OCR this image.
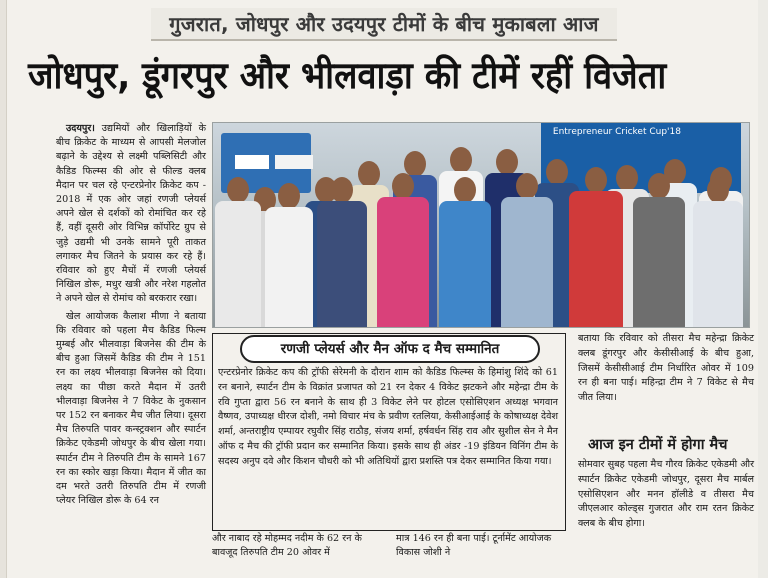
गुजरात, जोधपुर और उदयपुर टीमों के बीच मुकाबला आज
जोधपुर, डूंगरपुर और भीलवाड़ा की टीमें रहीं विजेता

उदयपुर। उद्यमियों और खिलाड़ियों के बीच क्रिकेट के माध्यम से आपसी मेलजोल बढ़ाने के उद्देश्य से लक्ष्मी पब्लिसिटी और कैडिड फिल्म्स की ओर से फील्ड क्लब मैदान पर चल रहे एन्टरप्रेनोर क्रिकेट कप - 2018 में एक ओर जहां रणजी प्लेयर्स अपने खेल से दर्शकों को रोमांचित कर रहे हैं, वहीं दूसरी ओर विभिन्न कॉर्पोरेट ग्रुप से जुड़े उद्यमी भी उनके सामने पूरी ताकत लगाकर मैच जितने के प्रयास कर रहे हैं। रविवार को हुए मैचों में रणजी प्लेयर्स निखिल डोरू, मधुर खत्री और नरेश गहलोत ने अपने खेल से रोमांच को बरकरार रखा।

खेल आयोजक कैलाश मीणा ने बताया कि रविवार को पहला मैच कैडिड फिल्म मुम्बई और भीलवाड़ा बिजनेस की टीम के बीच हुआ जिसमें कैडिड की टीम ने 151 रन का लक्ष्य भीलवाड़ा बिजनेस को दिया। लक्ष्य का पीछा करते मैदान में उतरी भीलवाड़ा बिजनेस ने 7 विकेट के नुकसान पर 152 रन बनाकर मैच जीत लिया। दूसरा मैच तिरुपति पावर कन्स्ट्रक्शन और स्पार्टन क्रिकेट एकेडमी जोधपुर के बीच खेला गया। स्पार्टन टीम ने तिरुपति टीम के सामने 167 रन का स्कोर खड़ा किया। मैदान में जीत का दम भरते उतरी तिरुपति टीम में रणजी प्लेयर निखिल डोरू के 64 रन

Entrepreneur Cricket Cup'18
रणजी प्लेयर्स और मैन ऑफ द मैच सम्मानित

एन्टरप्रेनोर क्रिकेट कप की ट्रॉफी सेरेमनी के दौरान शाम को कैडिड फिल्म्स के हिमांशु शिंदे को 61 रन बनाने, स्पार्टन टीम के विक्रांत प्रजापत को 21 रन देकर 4 विकेट झटकने और महेन्द्रा टीम के रवि गुप्ता द्वारा 56 रन बनाने के साथ ही 3 विकेट लेने पर होटल एसोसिएशन अध्यक्ष भगवान वैष्णव, उपाध्यक्ष धीरज दोशी, नमो विचार मंच के प्रवीण रतलिया, केसीआईआई के कोषाध्यक्ष देवेश शर्मा, अन्तराष्ट्रीय एम्पायर रघुवीर सिंह राठौड़, संजय शर्मा, हर्षवर्धन सिंह राव और सुशील सेन ने मैन ऑफ द मैच की ट्रॉफी प्रदान कर सम्मानित किया। इसके साथ ही अंडर -19 इंडियन विनिंग टीम के सदस्य अनुप दवे और किशन चौधरी को भी अतिथियों द्वारा प्रशस्ति पत्र देकर सम्मानित किया गया।

और नाबाद रहे मोहम्मद नदीम के 62 रन के बावजूद तिरुपति टीम 20 ओवर में

मात्र 146 रन ही बना पाई। टूर्नामेंट आयोजक विकास जोशी ने

बताया कि रविवार को तीसरा मैच महेन्द्रा क्रिकेट क्लब डूंगरपुर और केसीसीआई के बीच हुआ, जिसमें केसीसीआई टीम निर्धारित ओवर में 109 रन ही बना पाई। महिन्द्रा टीम ने 7 विकेट से मैच जीत लिया।

आज इन टीमों में होगा मैच

सोमवार सुबह पहला मैच गौरव क्रिकेट एकेडमी और स्पार्टन क्रिकेट एकेडमी जोधपुर, दूसरा मैच मार्बल एसोसिएशन और मनन हॉलीडे व तीसरा मैच जीएलआर कोल्ड्स गुजरात और राम रतन क्रिकेट क्लब के बीच होगा।
